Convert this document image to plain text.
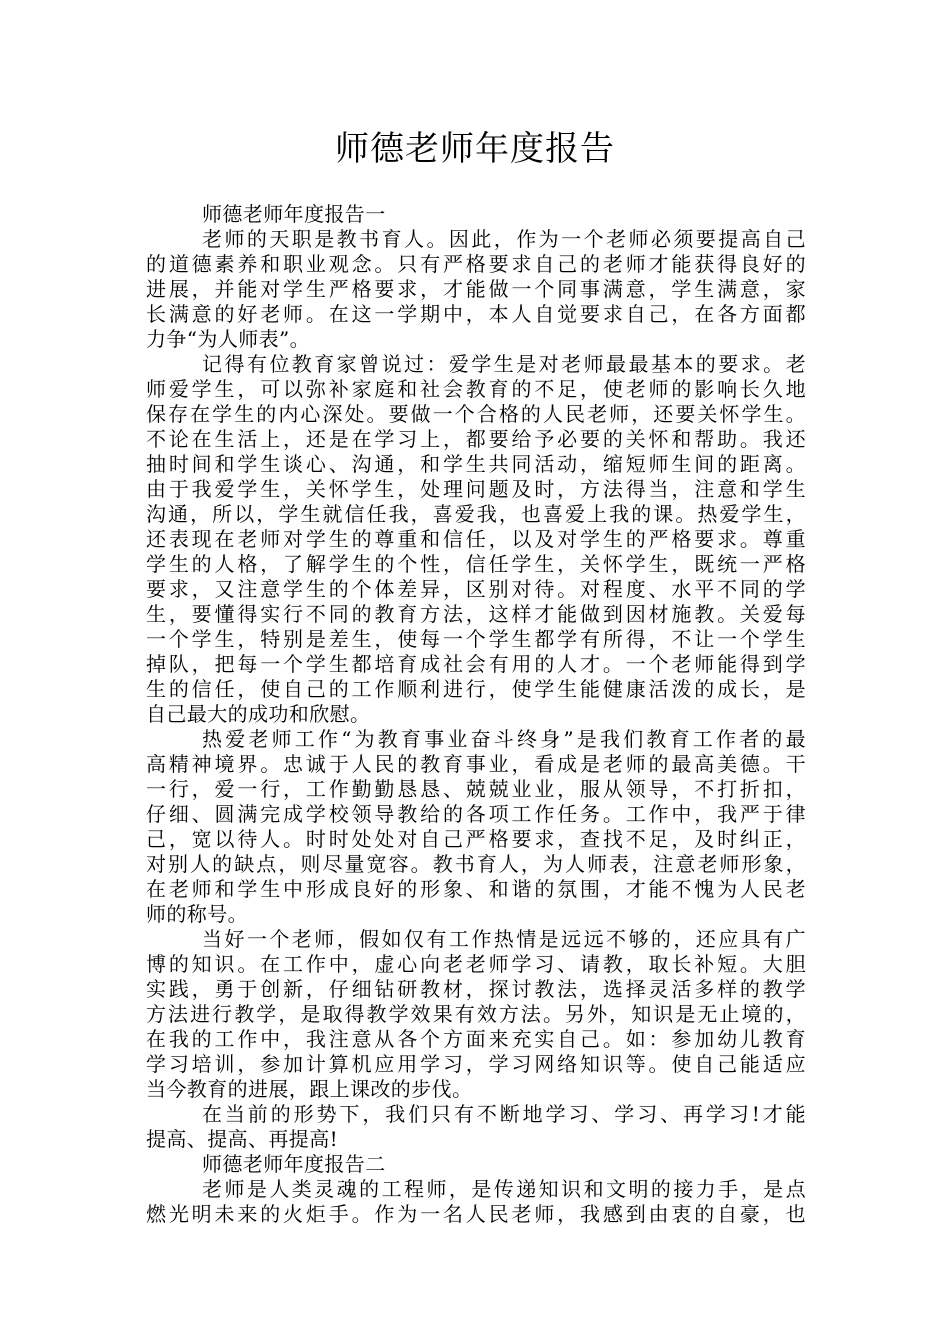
师德老师年度报告
师德老师年度报告一
老师的天职是教书育人。因此，作为一个老师必须要提高自己
的道德素养和职业观念。只有严格要求自己的老师才能获得良好的
进展，并能对学生严格要求，才能做一个同事满意，学生满意，家
长满意的好老师。在这一学期中，本人自觉要求自己，在各方面都
力争“为人师表”。
记得有位教育家曾说过：爱学生是对老师最最基本的要求。老
师爱学生，可以弥补家庭和社会教育的不足，使老师的影响长久地
保存在学生的内心深处。要做一个合格的人民老师，还要关怀学生。
不论在生活上，还是在学习上，都要给予必要的关怀和帮助。我还
抽时间和学生谈心、沟通，和学生共同活动，缩短师生间的距离。
由于我爱学生，关怀学生，处理问题及时，方法得当，注意和学生
沟通，所以，学生就信任我，喜爱我，也喜爱上我的课。热爱学生，
还表现在老师对学生的尊重和信任，以及对学生的严格要求。尊重
学生的人格，了解学生的个性，信任学生，关怀学生，既统一严格
要求，又注意学生的个体差异，区别对待。对程度、水平不同的学
生，要懂得实行不同的教育方法，这样才能做到因材施教。关爱每
一个学生，特别是差生，使每一个学生都学有所得，不让一个学生
掉队，把每一个学生都培育成社会有用的人才。一个老师能得到学
生的信任，使自己的工作顺利进行，使学生能健康活泼的成长，是
自己最大的成功和欣慰。
热爱老师工作“为教育事业奋斗终身”是我们教育工作者的最
高精神境界。忠诚于人民的教育事业，看成是老师的最高美德。干
一行，爱一行，工作勤勤恳恳、兢兢业业，服从领导，不打折扣，
仔细、圆满完成学校领导教给的各项工作任务。工作中，我严于律
己，宽以待人。时时处处对自己严格要求，查找不足，及时纠正，
对别人的缺点，则尽量宽容。教书育人，为人师表，注意老师形象，
在老师和学生中形成良好的形象、和谐的氛围，才能不愧为人民老
师的称号。
当好一个老师，假如仅有工作热情是远远不够的，还应具有广
博的知识。在工作中，虚心向老老师学习、请教，取长补短。大胆
实践，勇于创新，仔细钻研教材，探讨教法，选择灵活多样的教学
方法进行教学，是取得教学效果有效方法。另外，知识是无止境的，
在我的工作中，我注意从各个方面来充实自己。如：参加幼儿教育
学习培训，参加计算机应用学习，学习网络知识等。使自己能适应
当今教育的进展，跟上课改的步伐。
在当前的形势下，我们只有不断地学习、学习、再学习!才能
提高、提高、再提高!
师德老师年度报告二
老师是人类灵魂的工程师，是传递知识和文明的接力手，是点
燃光明未来的火炬手。作为一名人民老师，我感到由衷的自豪，也
